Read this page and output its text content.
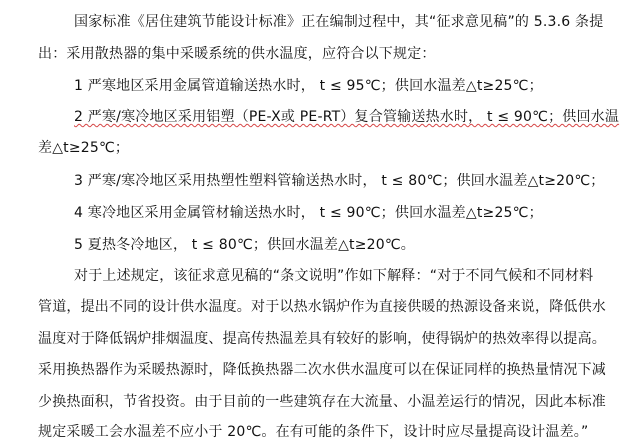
国家标准《居住建筑节能设计标准》正在编制过程中，其“征求意见稿”的 5.3.6 条提
出：采用散热器的集中采暖系统的供水温度，应符合以下规定：
1 严寒地区采用金属管道输送热水时， t ≤ 95℃；供回水温差△t≥25℃；
2 严寒/寒冷地区采用铝塑（PE-X或 PE-RT）复合管输送热水时， t ≤ 90℃；供回水温
差△t≥25℃；
3 严寒/寒冷地区采用热塑性塑料管输送热水时， t ≤ 80℃；供回水温差△t≥20℃；
4 寒冷地区采用金属管材输送热水时， t ≤ 90℃；供回水温差△t≥25℃；
5 夏热冬冷地区， t ≤ 80℃；供回水温差△t≥20℃。
对于上述规定，该征求意见稿的“条文说明”作如下解释：“对于不同气候和不同材料
管道，提出不同的设计供水温度。对于以热水锅炉作为直接供暖的热源设备来说，降低供水
温度对于降低锅炉排烟温度、提高传热温差具有较好的影响，使得锅炉的热效率得以提高。
采用换热器作为采暖热源时，降低换热器二次水供水温度可以在保证同样的换热量情况下减
少换热面积，节省投资。由于目前的一些建筑存在大流量、小温差运行的情况，因此本标准
规定采暖工会水温差不应小于 20℃。在有可能的条件下，设计时应尽量提高设计温差。”
